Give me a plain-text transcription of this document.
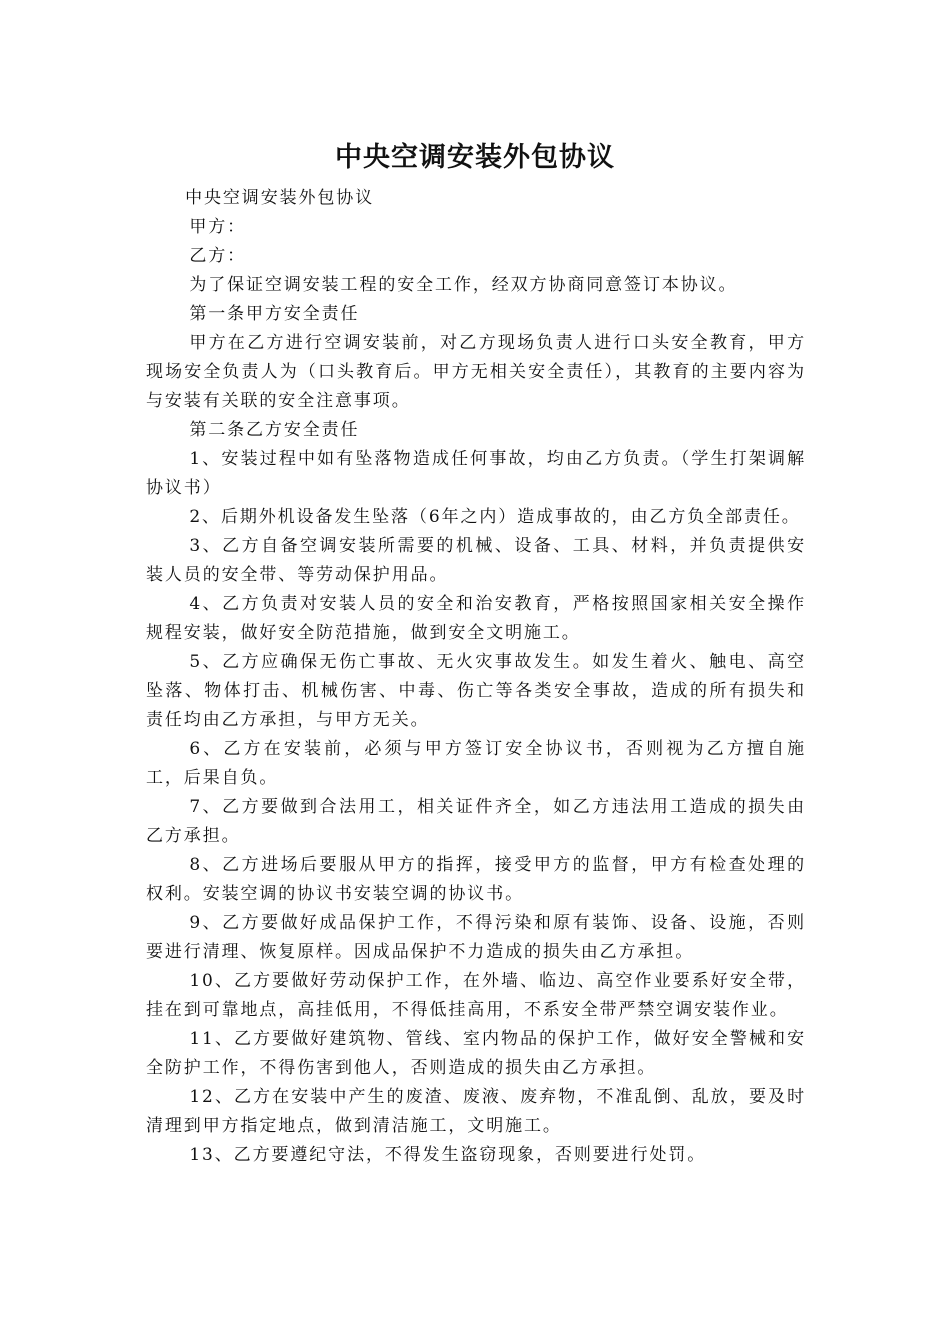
中央空调安装外包协议

中央空调安装外包协议

甲方：

乙方：

为了保证空调安装工程的安全工作，经双方协商同意签订本协议。

第一条甲方安全责任

甲方在乙方进行空调安装前，对乙方现场负责人进行口头安全教育，甲方现场安全负责人为（口头教育后。甲方无相关安全责任），其教育的主要内容为与安装有关联的安全注意事项。

第二条乙方安全责任

1、安装过程中如有坠落物造成任何事故，均由乙方负责。（学生打架调解协议书）

2、后期外机设备发生坠落（6年之内）造成事故的，由乙方负全部责任。

3、乙方自备空调安装所需要的机械、设备、工具、材料，并负责提供安装人员的安全带、等劳动保护用品。

4、乙方负责对安装人员的安全和治安教育，严格按照国家相关安全操作规程安装，做好安全防范措施，做到安全文明施工。

5、乙方应确保无伤亡事故、无火灾事故发生。如发生着火、触电、高空坠落、物体打击、机械伤害、中毒、伤亡等各类安全事故，造成的所有损失和责任均由乙方承担，与甲方无关。

6、乙方在安装前，必须与甲方签订安全协议书，否则视为乙方擅自施工，后果自负。

7、乙方要做到合法用工，相关证件齐全，如乙方违法用工造成的损失由乙方承担。

8、乙方进场后要服从甲方的指挥，接受甲方的监督，甲方有检查处理的权利。安装空调的协议书安装空调的协议书。

9、乙方要做好成品保护工作，不得污染和原有装饰、设备、设施，否则要进行清理、恢复原样。因成品保护不力造成的损失由乙方承担。

10、乙方要做好劳动保护工作，在外墙、临边、高空作业要系好安全带，挂在到可靠地点，高挂低用，不得低挂高用，不系安全带严禁空调安装作业。

11、乙方要做好建筑物、管线、室内物品的保护工作，做好安全警械和安全防护工作，不得伤害到他人，否则造成的损失由乙方承担。

12、乙方在安装中产生的废渣、废液、废弃物，不准乱倒、乱放，要及时清理到甲方指定地点，做到清洁施工，文明施工。

13、乙方要遵纪守法，不得发生盗窃现象，否则要进行处罚。
